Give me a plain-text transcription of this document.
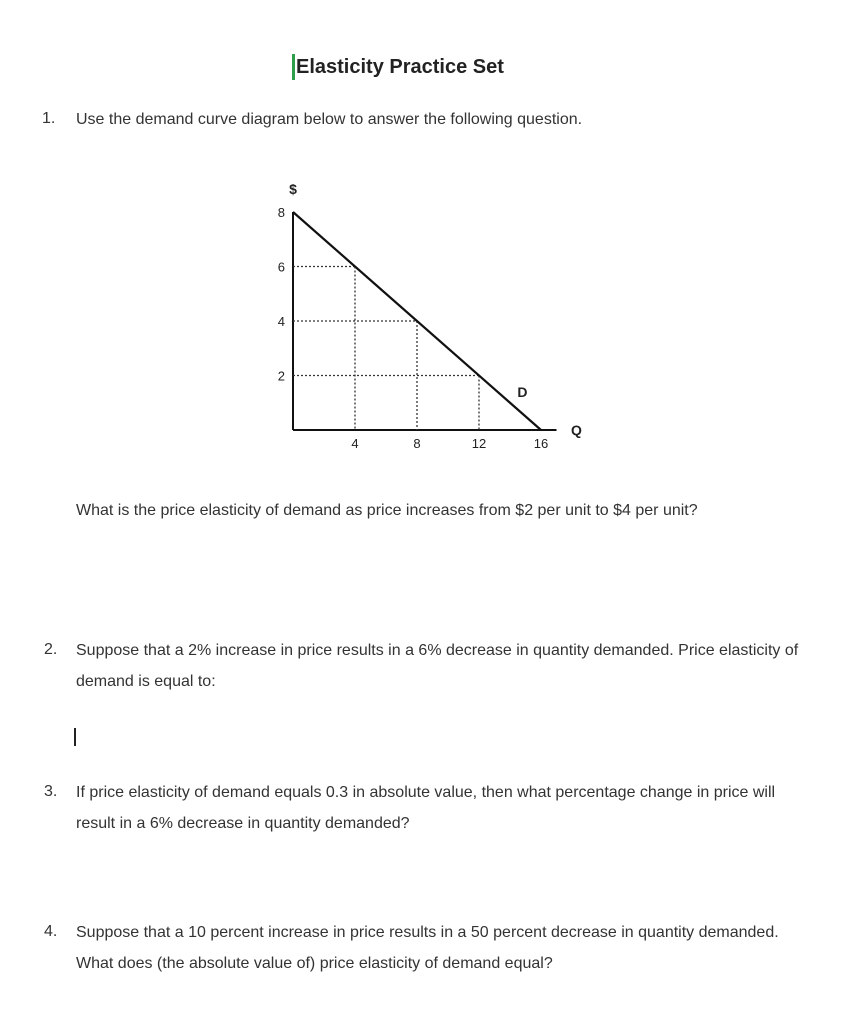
Elasticity Practice Set
1. Use the demand curve diagram below to answer the following question.
2
4
6
8
4	8	12	16
$
Q
D
What is the price elasticity of demand as price increases from $2 per unit to $4 per unit?
2. Suppose that a 2% increase in price results in a 6% decrease in quantity demanded. Price elasticity of demand is equal to:
3. If price elasticity of demand equals 0.3 in absolute value, then what percentage change in price will result in a 6% decrease in quantity demanded?
4. Suppose that a 10 percent increase in price results in a 50 percent decrease in quantity demanded. What does (the absolute value of) price elasticity of demand equal?
